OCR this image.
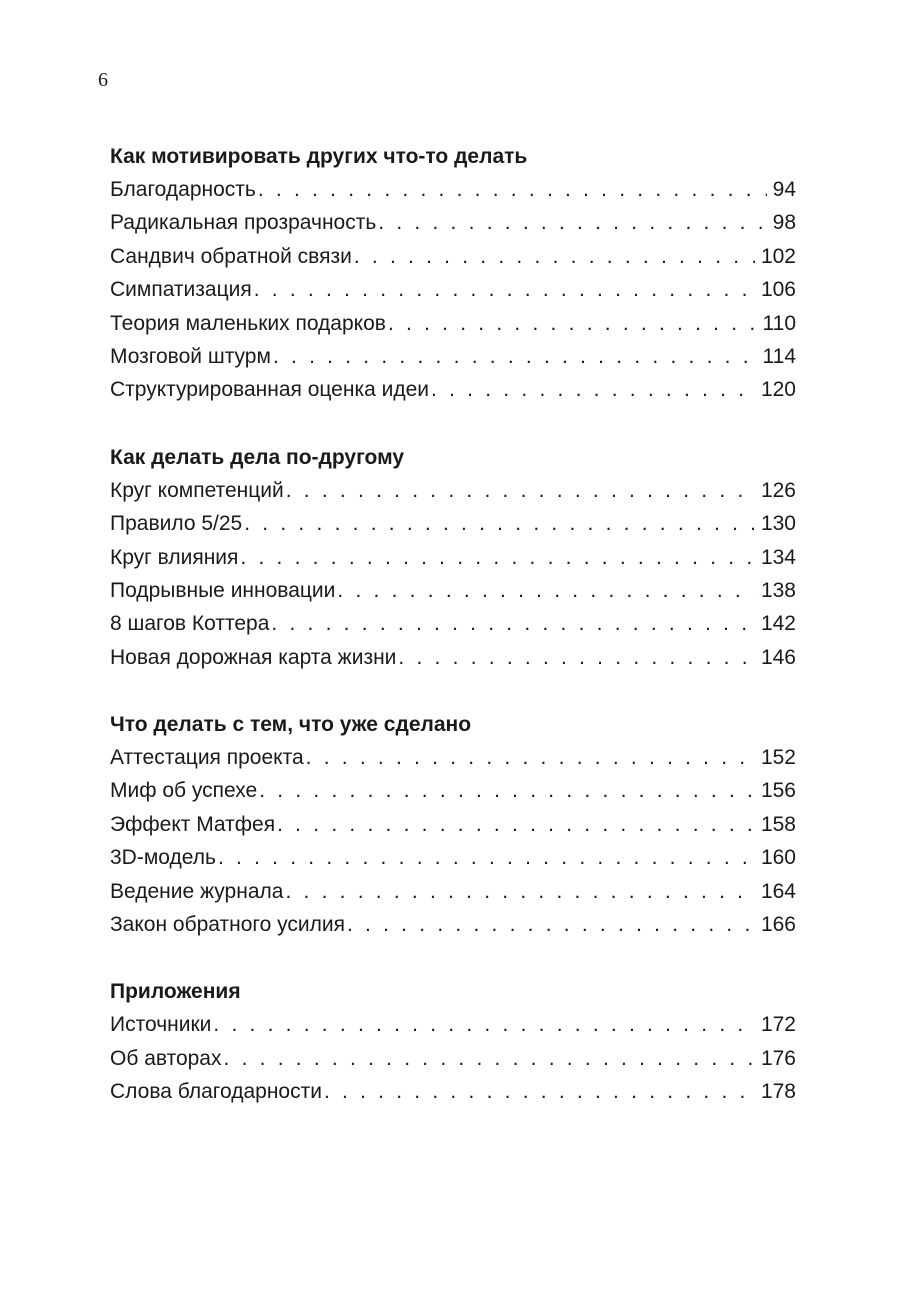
6
Как мотивировать других что-то делать
Благодарность . . .	94
Радикальная прозрачность . . .	98
Сандвич обратной связи . . .	102
Симпатизация . . .	106
Теория маленьких подарков . . .	110
Мозговой штурм . . .	114
Структурированная оценка идеи . . .	120
Как делать дела по-другому
Круг компетенций . . .	126
Правило 5/25 . . .	130
Круг влияния . . .	134
Подрывные инновации . . .	138
8 шагов Коттера . . .	142
Новая дорожная карта жизни . . .	146
Что делать с тем, что уже сделано
Аттестация проекта . . .	152
Миф об успехе . . .	156
Эффект Матфея . . .	158
3D-модель . . .	160
Ведение журнала . . .	164
Закон обратного усилия . . .	166
Приложения
Источники . . .	172
Об авторах . . .	176
Слова благодарности . . .	178
